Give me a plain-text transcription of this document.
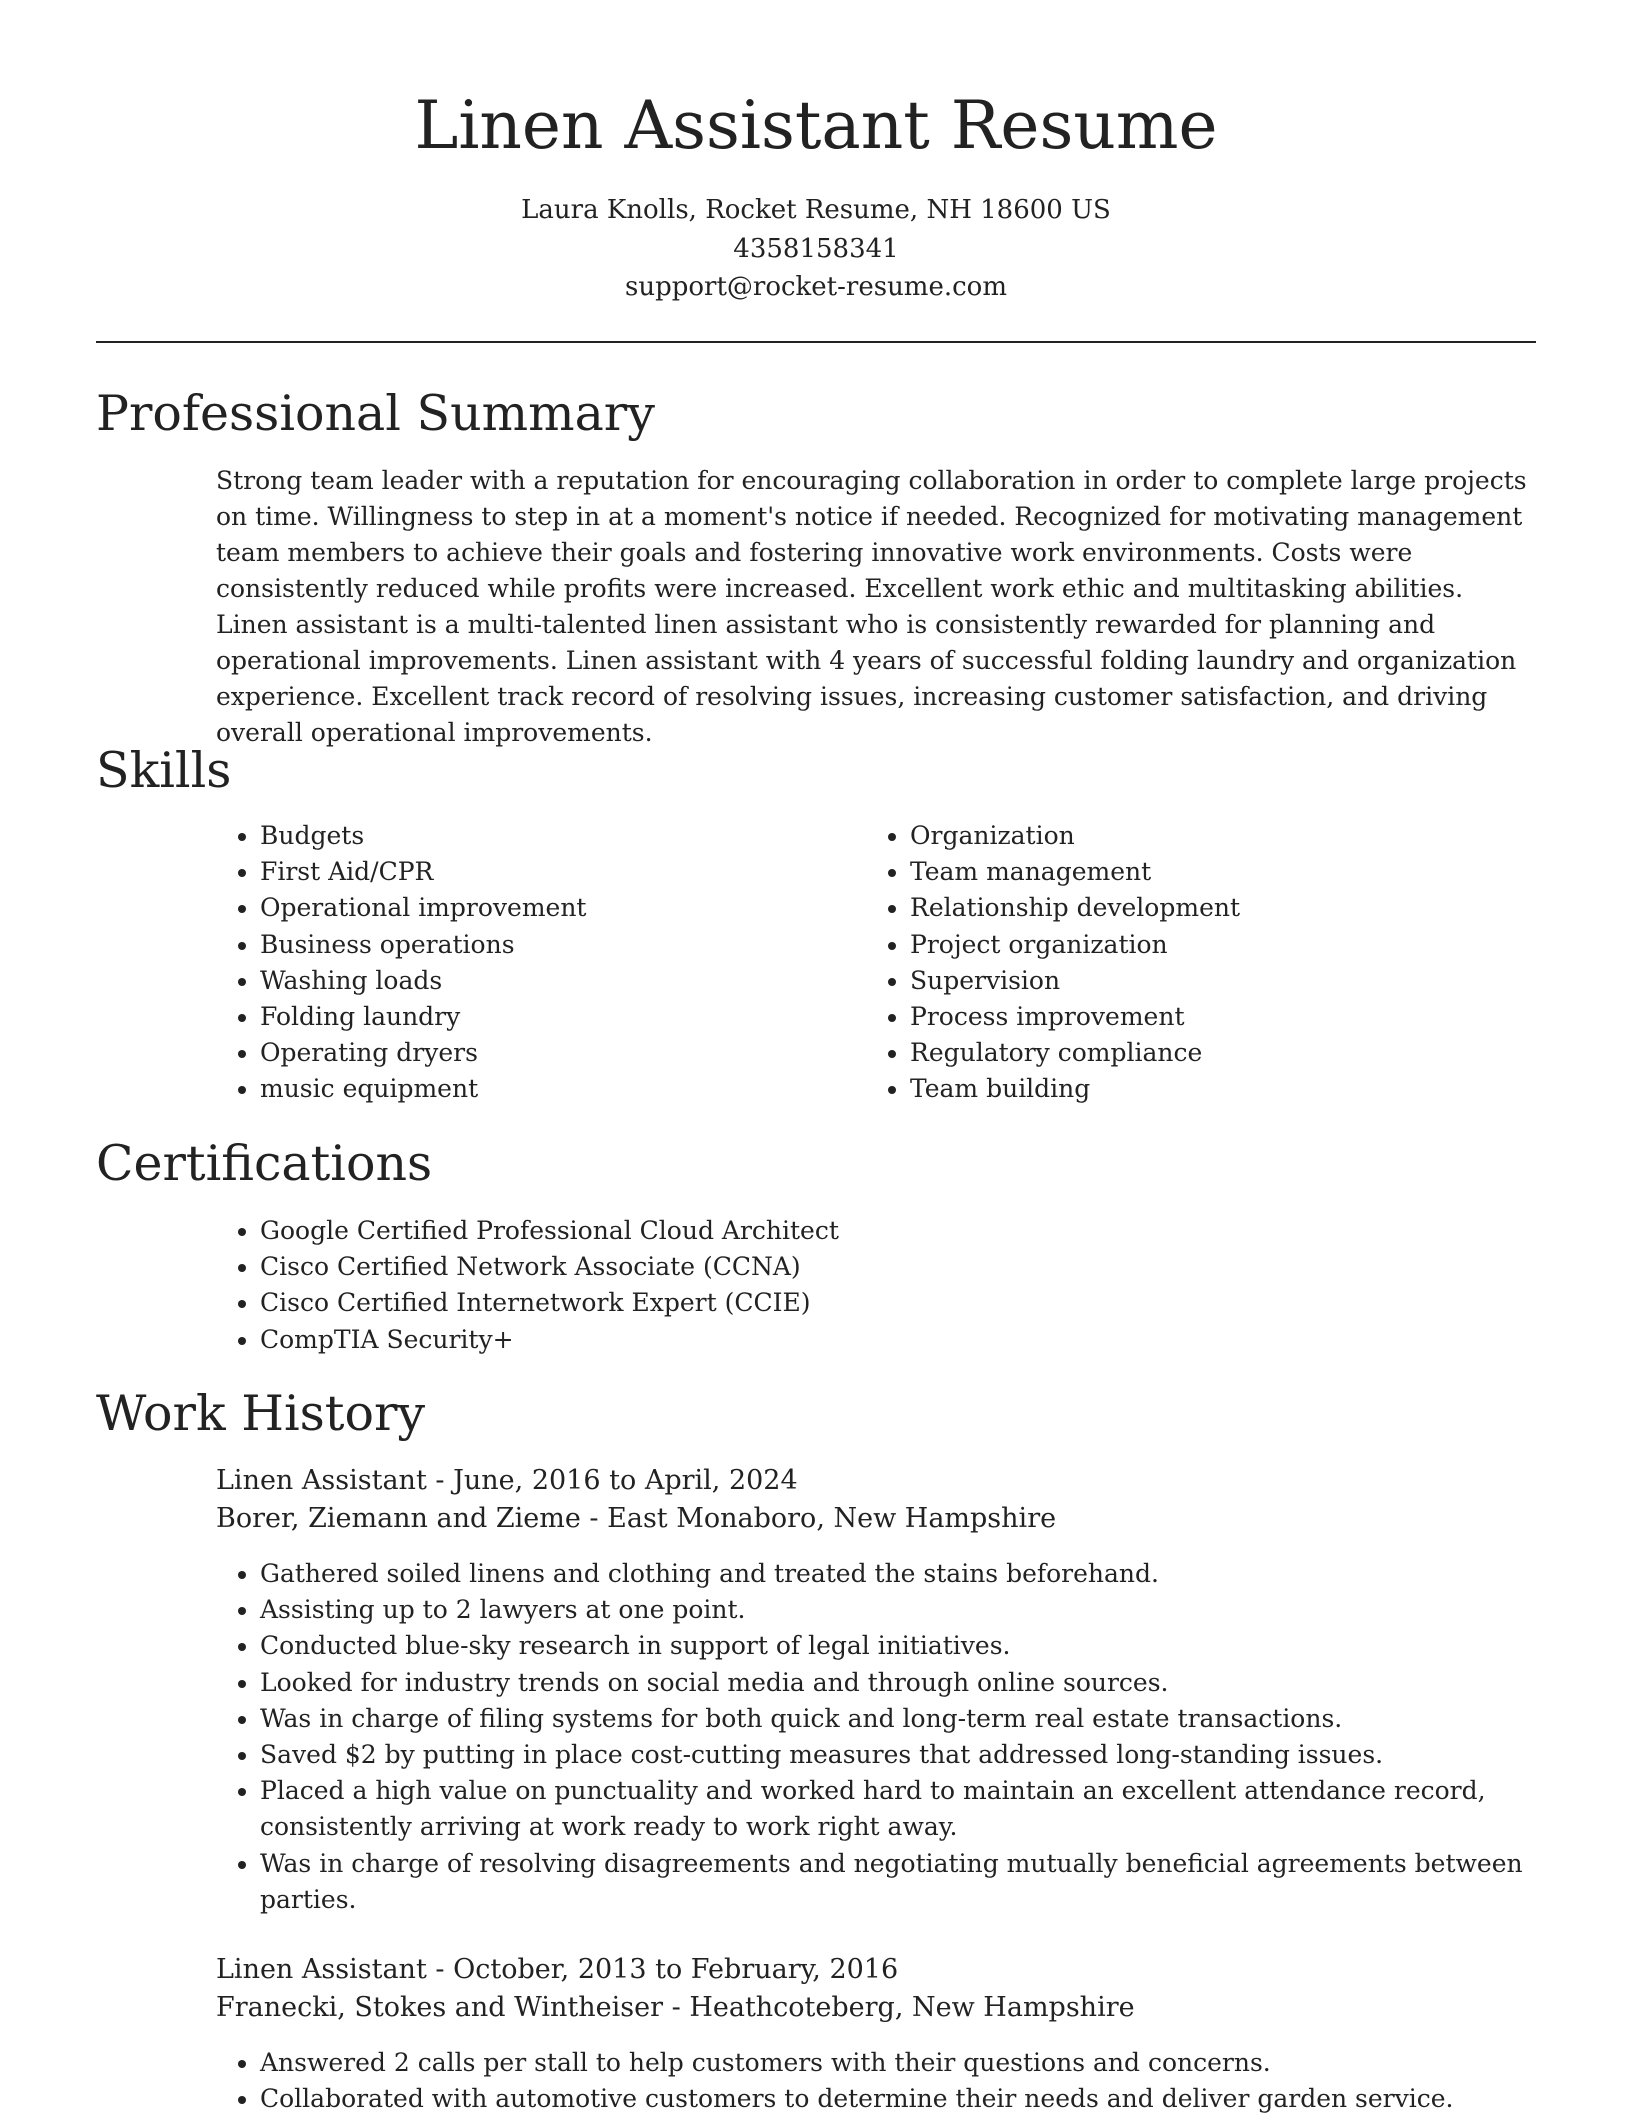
Linen Assistant Resume
Laura Knolls, Rocket Resume, NH 18600 US
4358158341
support@rocket-resume.com
Professional Summary

Strong team leader with a reputation for encouraging collaboration in order to complete large projects on time. Willingness to step in at a moment's notice if needed. Recognized for motivating management team members to achieve their goals and fostering innovative work environments. Costs were consistently reduced while profits were increased. Excellent work ethic and multitasking abilities. Linen assistant is a multi-talented linen assistant who is consistently rewarded for planning and operational improvements. Linen assistant with 4 years of successful folding laundry and organization experience. Excellent track record of resolving issues, increasing customer satisfaction, and driving overall operational improvements.

Skills
• Budgets
• First Aid/CPR
• Operational improvement
• Business operations
• Washing loads
• Folding laundry
• Operating dryers
• music equipment
• Organization
• Team management
• Relationship development
• Project organization
• Supervision
• Process improvement
• Regulatory compliance
• Team building
Certifications
• Google Certified Professional Cloud Architect
• Cisco Certified Network Associate (CCNA)
• Cisco Certified Internetwork Expert (CCIE)
• CompTIA Security+
Work History
Linen Assistant - June, 2016 to April, 2024
Borer, Ziemann and Zieme - East Monaboro, New Hampshire
• Gathered soiled linens and clothing and treated the stains beforehand.
• Assisting up to 2 lawyers at one point.
• Conducted blue-sky research in support of legal initiatives.
• Looked for industry trends on social media and through online sources.
• Was in charge of filing systems for both quick and long-term real estate transactions.
• Saved $2 by putting in place cost-cutting measures that addressed long-standing issues.
• Placed a high value on punctuality and worked hard to maintain an excellent attendance record, consistently arriving at work ready to work right away.
• Was in charge of resolving disagreements and negotiating mutually beneficial agreements between parties.
Linen Assistant - October, 2013 to February, 2016
Franecki, Stokes and Wintheiser - Heathcoteberg, New Hampshire
• Answered 2 calls per stall to help customers with their questions and concerns.
• Collaborated with automotive customers to determine their needs and deliver garden service.
